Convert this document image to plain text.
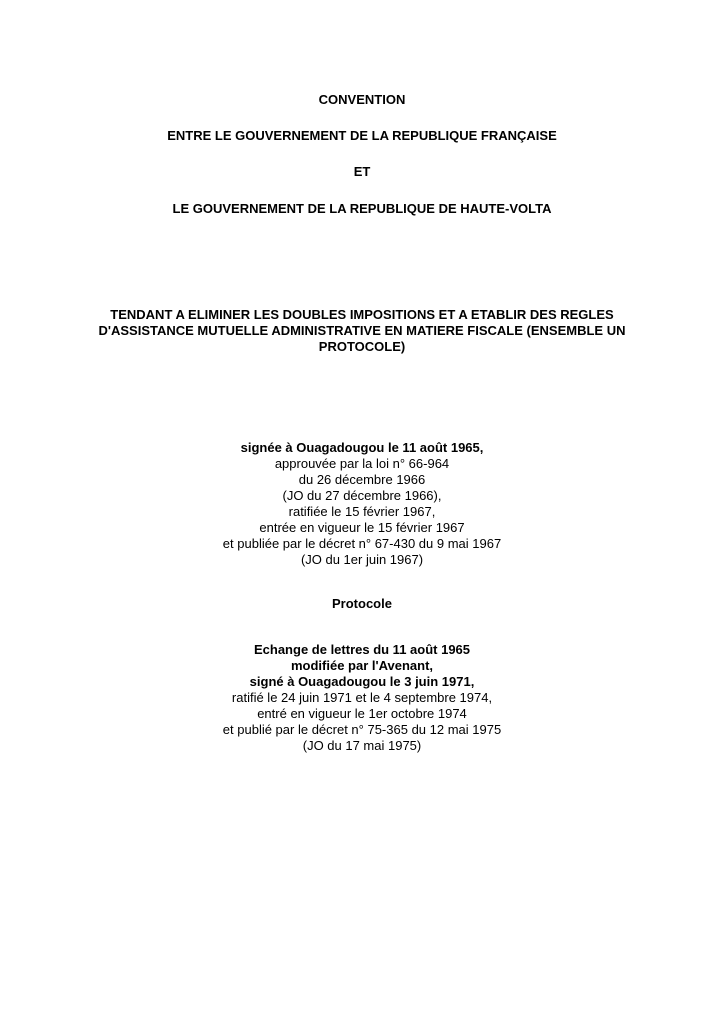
CONVENTION
ENTRE LE GOUVERNEMENT DE LA REPUBLIQUE FRANÇAISE
ET
LE GOUVERNEMENT DE LA REPUBLIQUE DE HAUTE-VOLTA
TENDANT A ELIMINER LES DOUBLES IMPOSITIONS ET A ETABLIR DES REGLES
D'ASSISTANCE MUTUELLE ADMINISTRATIVE EN MATIERE FISCALE (ENSEMBLE UN
PROTOCOLE)
signée à Ouagadougou le 11 août 1965,
approuvée par la loi n° 66-964
du 26 décembre 1966
(JO du 27 décembre 1966),
ratifiée le 15 février 1967,
entrée en vigueur le 15 février 1967
et publiée par le décret n° 67-430 du 9 mai 1967
(JO du 1er juin 1967)
Protocole
Echange de lettres du 11 août 1965
modifiée par l'Avenant,
signé à Ouagadougou le 3 juin 1971,
ratifié le 24 juin 1971 et le 4 septembre 1974,
entré en vigueur le 1er octobre 1974
et publié par le décret n° 75-365 du 12 mai 1975
(JO du 17 mai 1975)
